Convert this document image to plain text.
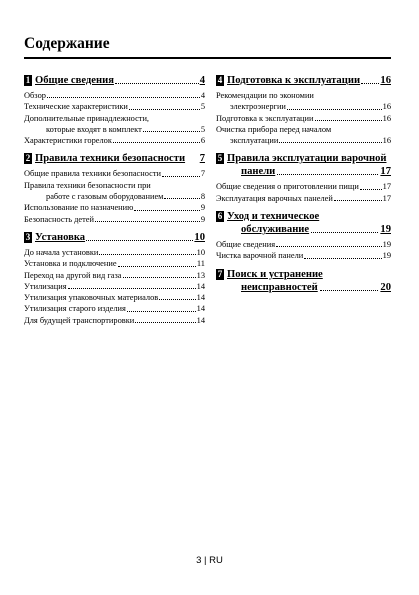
Содержание
1 Общие сведения	4
Обзор	4
Технические характеристики	5
Дополнительные принадлежности,
которые входят в комплект	5
Характеристики горелок	6
2 Правила техники безопасности 7
Общие правила техники безопасности	7
Правила техники безопасности при
работе с газовым оборудованием	8
Использование по назначению	9
Безопасность детей	9
3 Установка	10
До начала установки	10
Установка и подключение	11
Переход на другой вид газа	13
Утилизация	14
Утилизация упаковочных материалов	14
Утилизация старого изделия	14
Для будущей транспортировки	14
4 Подготовка к эксплуатации 16
Рекомендации по экономии
электроэнергии	16
Подготовка к эксплуатации	16
Очистка прибора перед началом
эксплуатации	16
5 Правила эксплуатации варочной
панели	17
Общие сведения о приготовлении пищи	17
Эксплуатация варочных панелей	17
6 Уход и техническое
обслуживание	19
Общие сведения	19
Чистка варочной панели	19
7 Поиск и устранение
неисправностей	20
3 | RU
